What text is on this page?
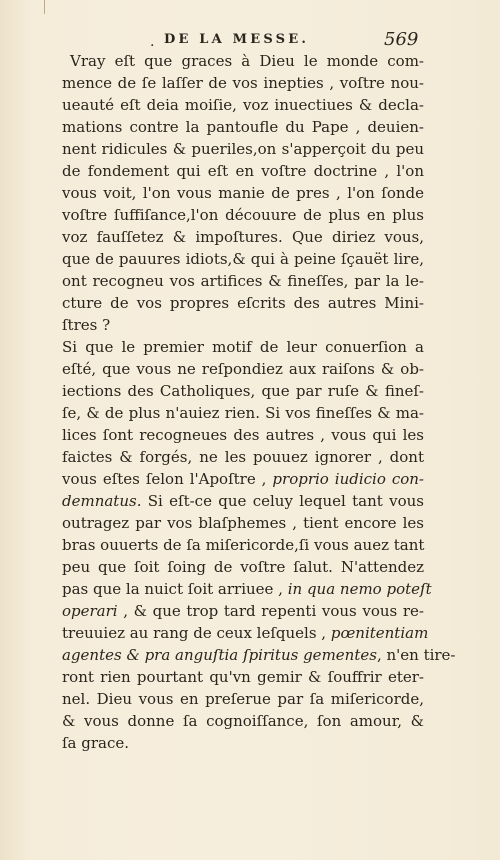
. DE LA MESSE.	569
Vray eſt que graces à Dieu le monde com-
mence de ſe laſſer de vos inepties , voſtre nou-
ueauté eſt deia moiſie, voz inuectiues & decla-
mations contre la pantoufle du Pape , deuien-
nent ridicules & pueriles,on s'apperçoit du peu
de fondement qui eſt en voſtre doctrine , l'on
vous voit, l'on vous manie de pres , l'on ſonde
voſtre ſuffiſance,l'on découure de plus en plus
voz fauſſetez & impoſtures. Que diriez vous,
que de pauures idiots,& qui à peine ſçauët lire,
ont recogneu vos artifices & fineſſes, par la le-
cture de vos propres eſcrits des autres Mini-
ſtres ?
Si que le premier motif de leur conuerſion a
eſté, que vous ne reſpondiez aux raiſons & ob-
iections des Catholiques, que par ruſe & fineſ-
ſe, & de plus n'auiez rien. Si vos fineſſes & ma-
lices ſont recogneues des autres , vous qui les
faictes & forgés, ne les pouuez ignorer , dont
vous eſtes ſelon l'Apoſtre , proprio iudicio con-
demnatus. Si eſt-ce que celuy lequel tant vous
outragez par vos blaſphemes , tient encore les
bras ouuerts de ſa miſericorde,ſi vous auez tant
peu que ſoit ſoing de voſtre ſalut. N'attendez
pas que la nuict ſoit arriuee , in qua nemo poteſt
operari , & que trop tard repenti vous vous re-
treuuiez au rang de ceux leſquels , pœnitentiam
agentes & pra anguſtia ſpiritus gementes, n'en tire-
ront rien pourtant qu'vn gemir & ſouffrir eter-
nel. Dieu vous en preſerue par ſa miſericorde,
& vous donne ſa cognoiſſance, ſon amour, &
ſa grace.
